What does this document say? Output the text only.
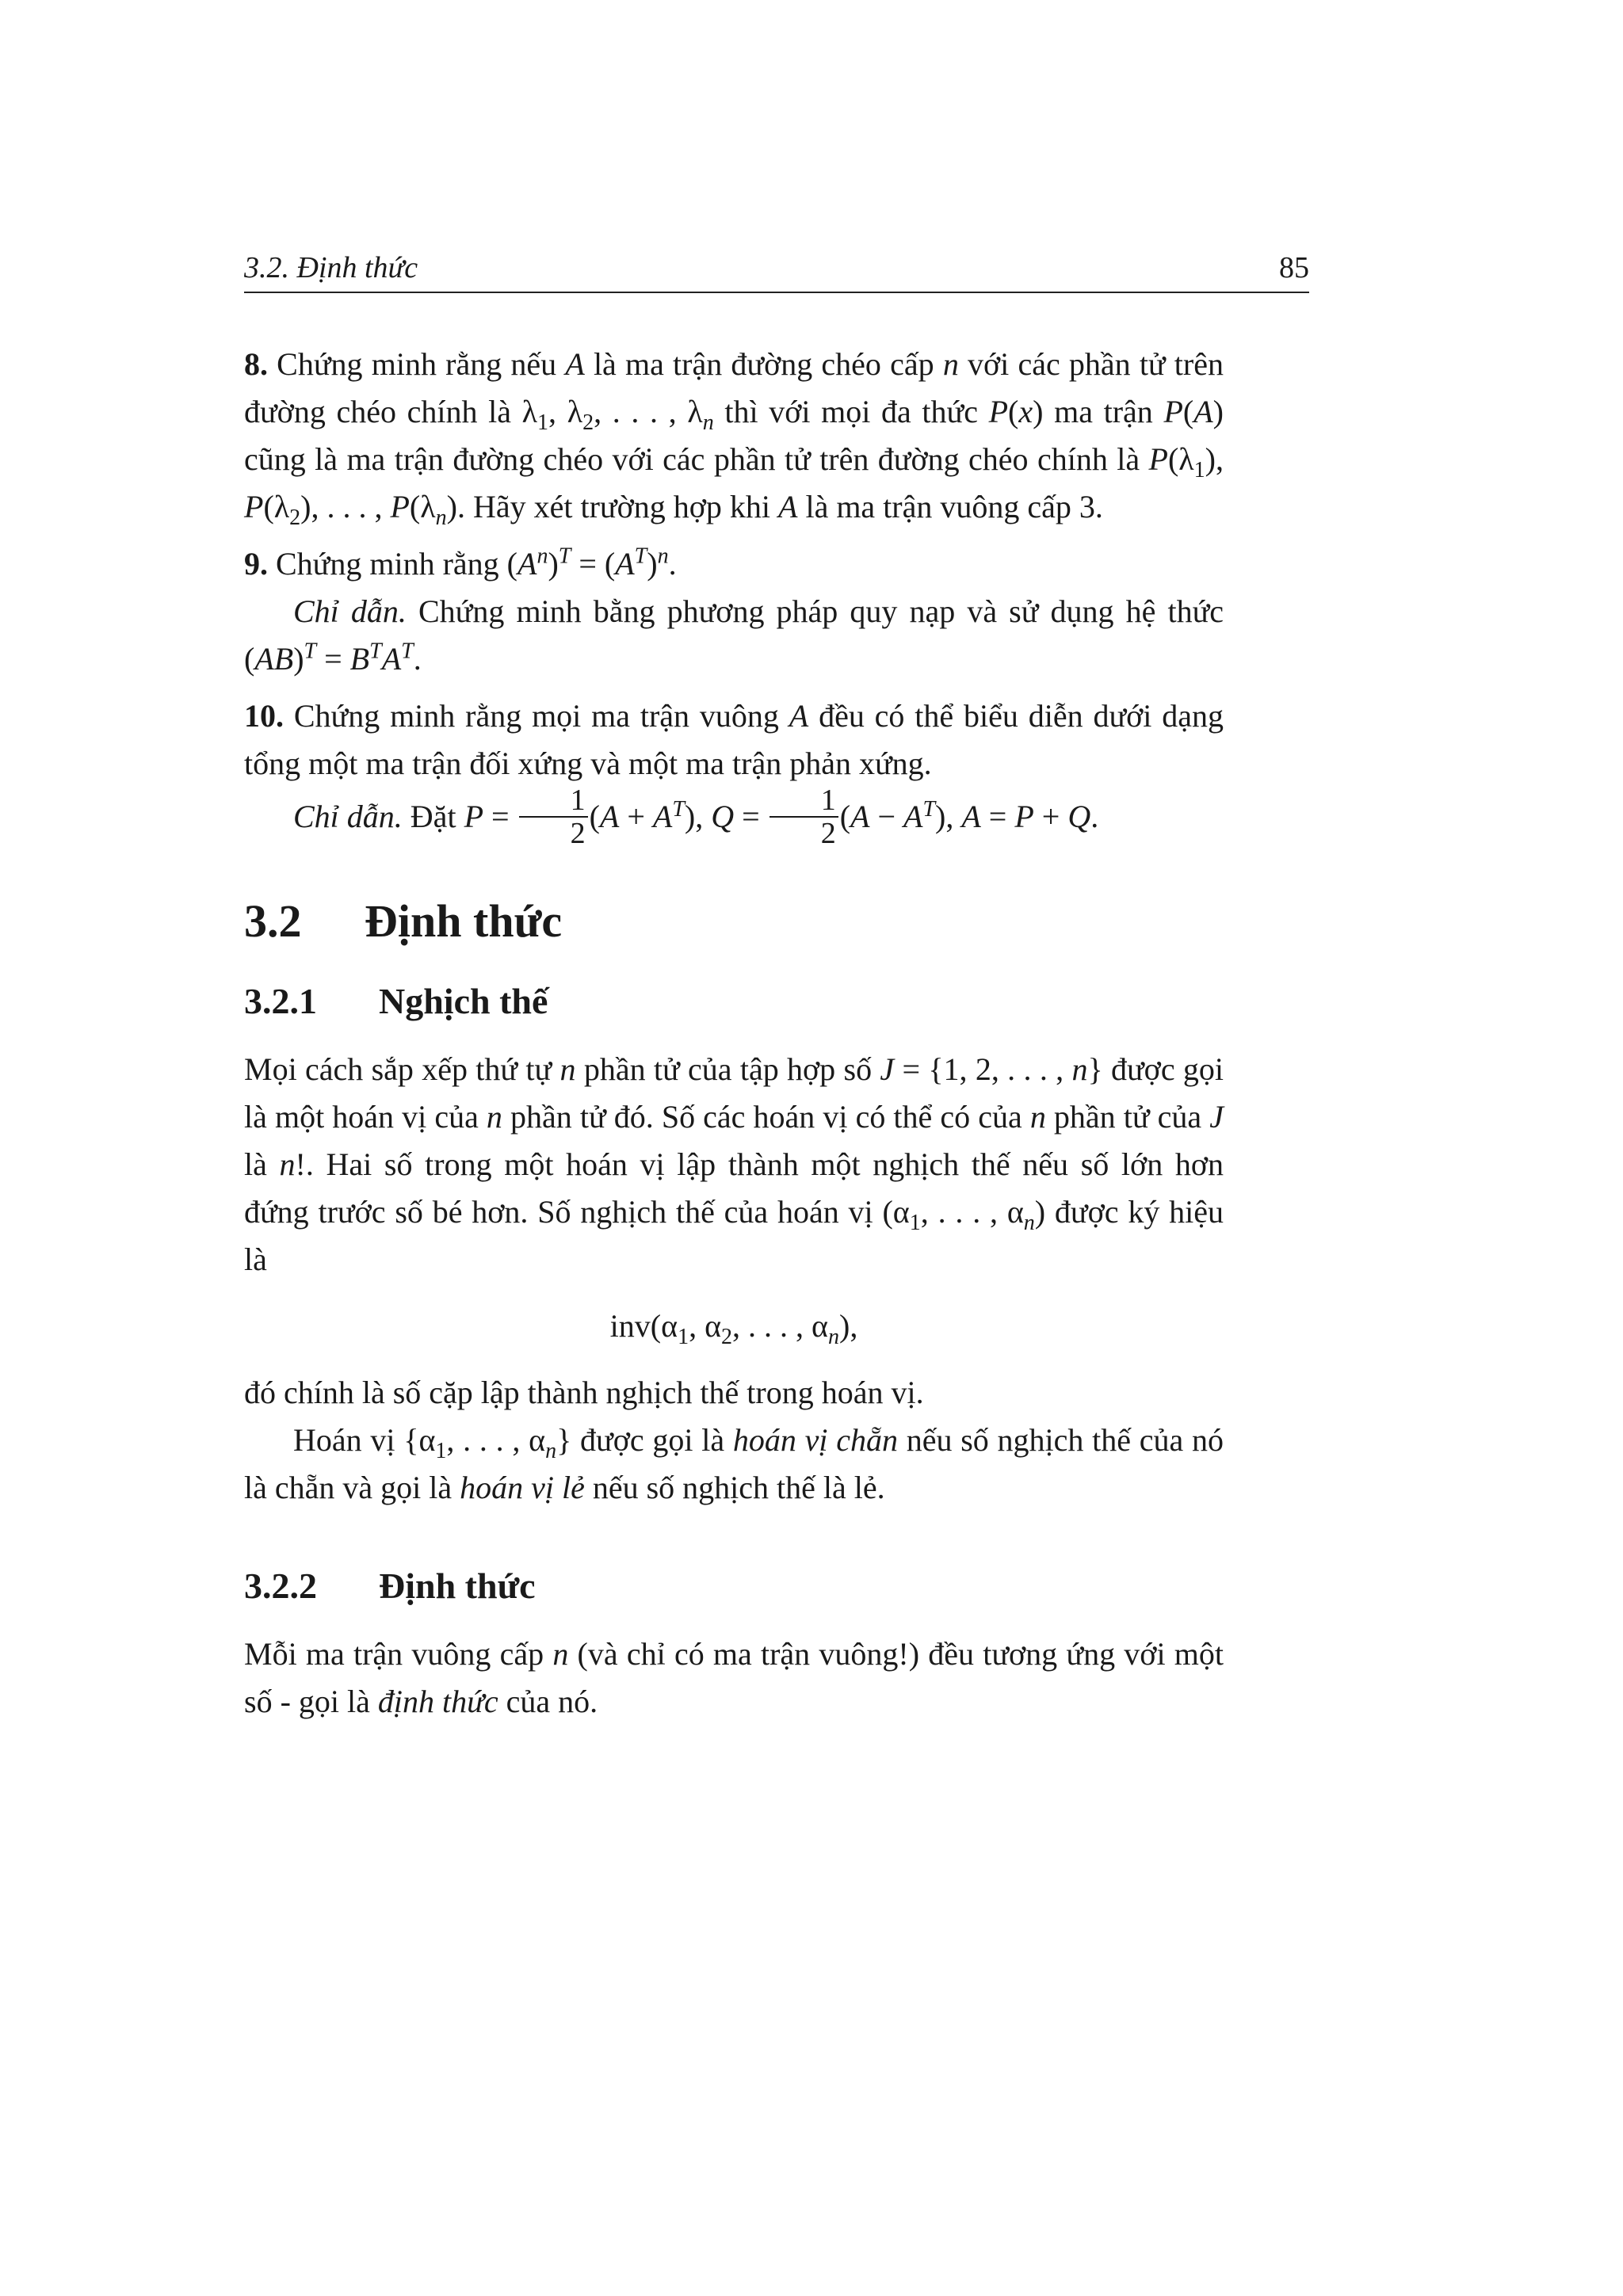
3.2. Định thức	85

8. Chứng minh rằng nếu A là ma trận đường chéo cấp n với các phần tử trên đường chéo chính là $\lambda_1$, $\lambda_2$, . . . , $\lambda_n$ thì với mọi đa thức P(x) ma trận P(A) cũng là ma trận đường chéo với các phần tử trên đường chéo chính là $P(\lambda_1)$, $P(\lambda_2)$, . . . , $P(\lambda_n)$. Hãy xét trường hợp khi A là ma trận vuông cấp 3.

9. Chứng minh rằng $(A^n)^T = (A^T)^n$.

Chỉ dẫn. Chứng minh bằng phương pháp quy nạp và sử dụng hệ thức $(AB)^T = B^TA^T$.

10. Chứng minh rằng mọi ma trận vuông A đều có thể biểu diễn dưới dạng tổng một ma trận đối xứng và một ma trận phản xứng.

Chỉ dẫn. Đặt $P = \frac{1}{2} (A + A^T)$, $Q = \frac{1}{2} (A - A^T)$, A = P + Q.

3.2 Định thức
3.2.1 Nghịch thế

Mọi cách sắp xếp thứ tự n phần tử của tập hợp số J = {1, 2, . . . , n} được gọi là một hoán vị của n phần tử đó. Số các hoán vị có thể có của n phần tử của J là n!. Hai số trong một hoán vị lập thành một nghịch thế nếu số lớn hơn đứng trước số bé hơn. Số nghịch thế của hoán vị ($\alpha_1$, . . . , $\alpha_n$) được ký hiệu là

$inv(\alpha_1$, $\alpha_2$, . . . , $\alpha_n$),

đó chính là số cặp lập thành nghịch thế trong hoán vị.

Hoán vị {$\alpha_1$, . . . , $\alpha_n$} được gọi là hoán vị chẵn nếu số nghịch thế của nó là chẵn và gọi là hoán vị lẻ nếu số nghịch thế là lẻ.

3.2.2 Định thức

Mỗi ma trận vuông cấp n (và chỉ có ma trận vuông!) đều tương ứng với một số - gọi là định thức của nó.
